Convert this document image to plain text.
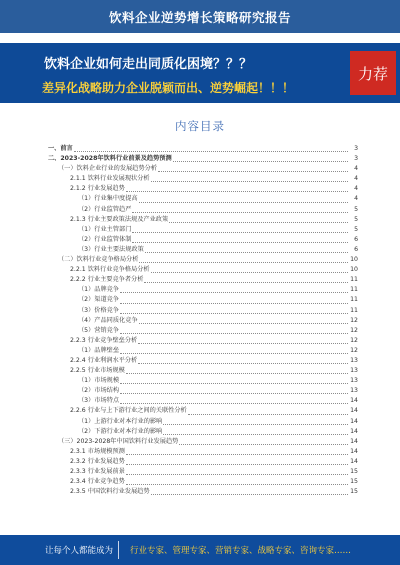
饮料企业逆势增长策略研究报告
饮料企业如何走出同质化困境？？？
差异化战略助力企业脱颖而出、逆势崛起！！！
力荐
内容目录
一、前言	3
二、2023-2028年饮料行业前景及趋势预测	3
（一）饮料企业行业的发展趋势分析	4
2.1.1 饮料行业发展现状分析	4
2.1.2 行业发展趋势	4
（1）行业集中度提高	4
（2）行业监管趋严	5
2.1.3 行业主要政策法规及产业政策	5
（1）行业主管部门	5
（2）行业监管体制	6
（3）行业主要法规政策	6
（二）饮料行业竞争格局分析	10
2.2.1 饮料行业竞争格局分析	10
2.2.2 行业主要竞争者分析	11
（1）品牌竞争	11
（2）渠道竞争	11
（3）价格竞争	11
（4）产品同质化竞争	12
（5）营销竞争	12
2.2.3 行业竞争壁垒分析	12
（1）品牌壁垒	12
2.2.4 行业利润水平分析	13
2.2.5 行业市场规模	13
（1）市场规模	13
（2）市场结构	13
（3）市场特点	14
2.2.6 行业与上下游行业之间的关联性分析	14
（1）上游行业对本行业的影响	14
（2）下游行业对本行业的影响	14
（三）2023-2028年中国饮料行业发展趋势	14
2.3.1 市场规模预测	14
2.3.2 行业发展趋势	14
2.3.3 行业发展前景	15
2.3.4 行业竞争趋势	15
2.3.5 中国饮料行业发展趋势	15
让每个人都能成为 行业专家、管理专家、营销专家、战略专家、咨询专家……
